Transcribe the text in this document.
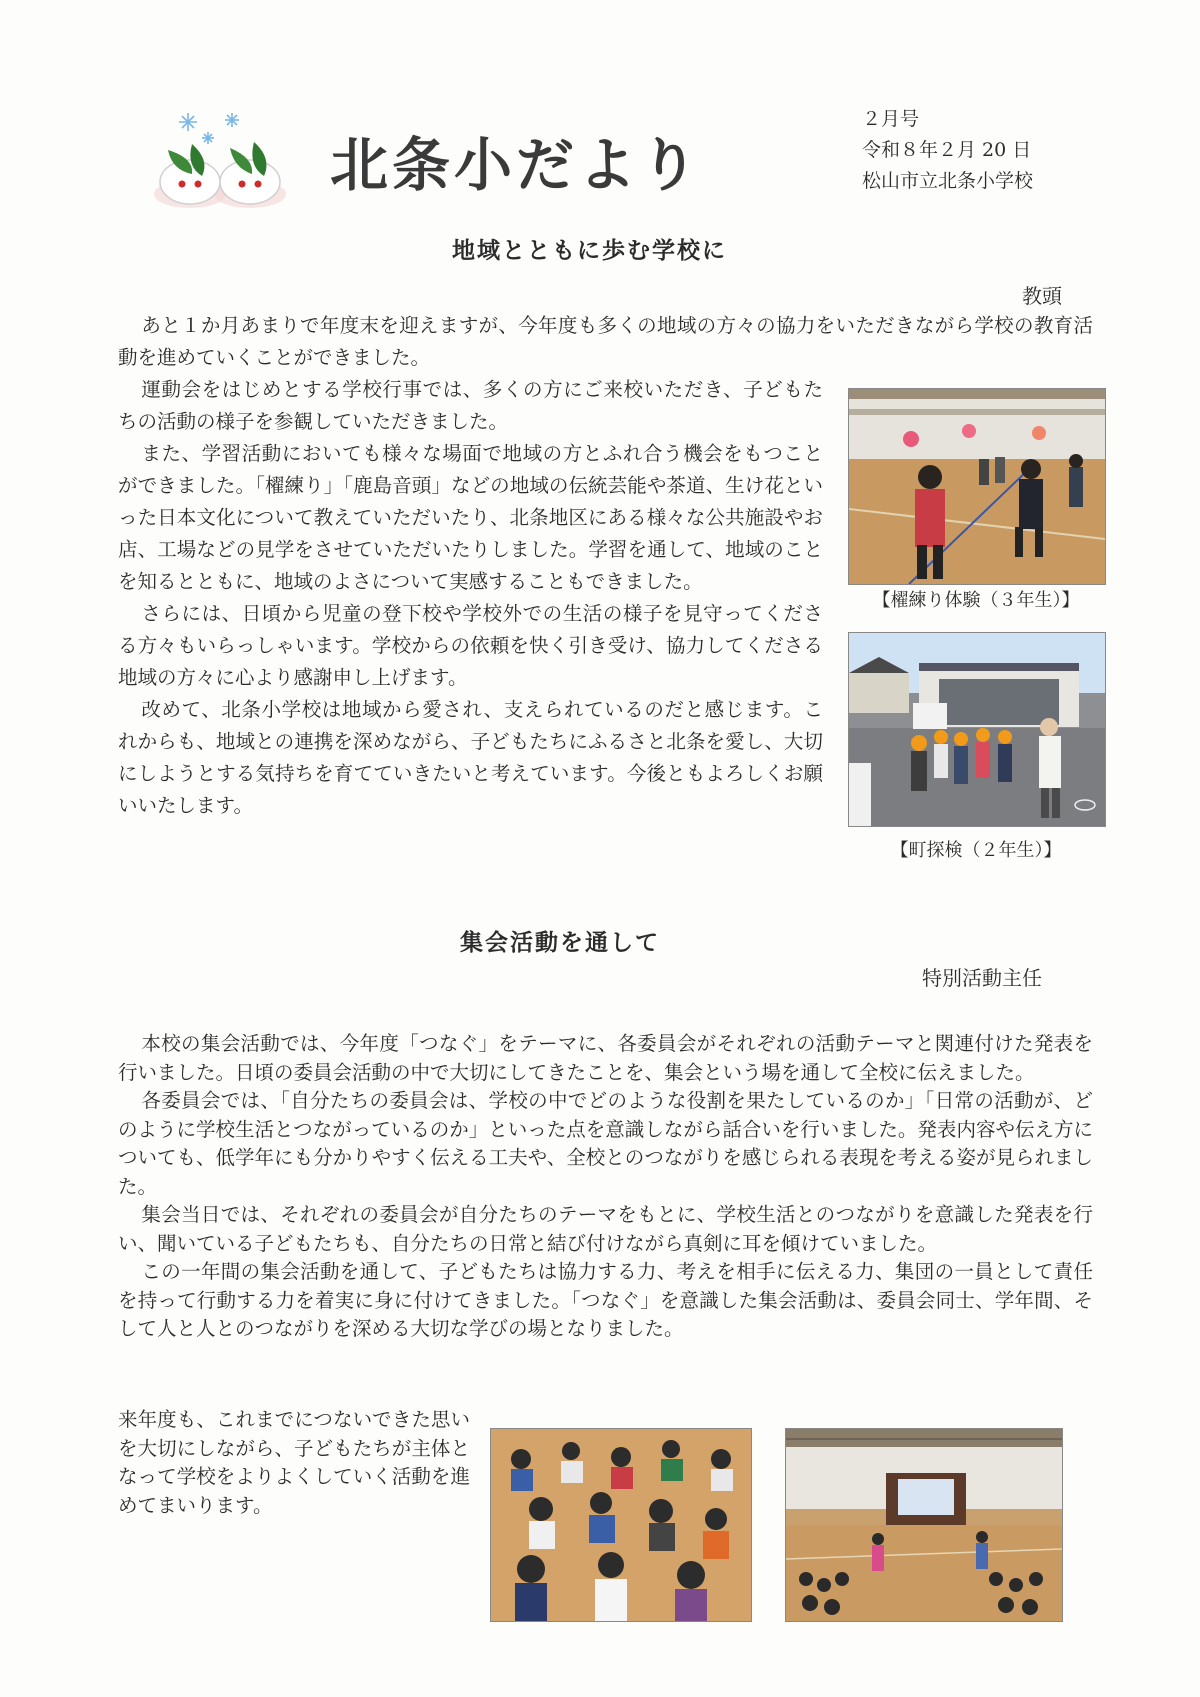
北条小だより
２月号
令和８年２月 20 日
松山市立北条小学校
地域とともに歩む学校に
教頭

あと１か月あまりで年度末を迎えますが、今年度も多くの地域の方々の協力をいただきながら学校の教育活動を進めていくことができました。

運動会をはじめとする学校行事では、多くの方にご来校いただき、子どもたちの活動の様子を参観していただきました。

また、学習活動においても様々な場面で地域の方とふれ合う機会をもつことができました。「櫂練り」「鹿島音頭」などの地域の伝統芸能や茶道、生け花といった日本文化について教えていただいたり、北条地区にある様々な公共施設やお店、工場などの見学をさせていただいたりしました。学習を通して、地域のことを知るとともに、地域のよさについて実感することもできました。

さらには、日頃から児童の登下校や学校外での生活の様子を見守ってくださる方々もいらっしゃいます。学校からの依頼を快く引き受け、協力してくださる地域の方々に心より感謝申し上げます。

改めて、北条小学校は地域から愛され、支えられているのだと感じます。これからも、地域との連携を深めながら、子どもたちにふるさと北条を愛し、大切にしようとする気持ちを育てていきたいと考えています。今後ともよろしくお願いいたします。

【櫂練り体験（３年生）】
【町探検（２年生）】
集会活動を通して
特別活動主任

本校の集会活動では、今年度「つなぐ」をテーマに、各委員会がそれぞれの活動テーマと関連付けた発表を行いました。日頃の委員会活動の中で大切にしてきたことを、集会という場を通して全校に伝えました。

各委員会では、「自分たちの委員会は、学校の中でどのような役割を果たしているのか」「日常の活動が、どのように学校生活とつながっているのか」といった点を意識しながら話合いを行いました。発表内容や伝え方についても、低学年にも分かりやすく伝える工夫や、全校とのつながりを感じられる表現を考える姿が見られました。

集会当日では、それぞれの委員会が自分たちのテーマをもとに、学校生活とのつながりを意識した発表を行い、聞いている子どもたちも、自分たちの日常と結び付けながら真剣に耳を傾けていました。

この一年間の集会活動を通して、子どもたちは協力する力、考えを相手に伝える力、集団の一員として責任を持って行動する力を着実に身に付けてきました。「つなぐ」を意識した集会活動は、委員会同士、学年間、そして人と人とのつながりを深める大切な学びの場となりました。

来年度も、これまでにつないできた思いを大切にしながら、子どもたちが主体となって学校をよりよくしていく活動を進めてまいります。
